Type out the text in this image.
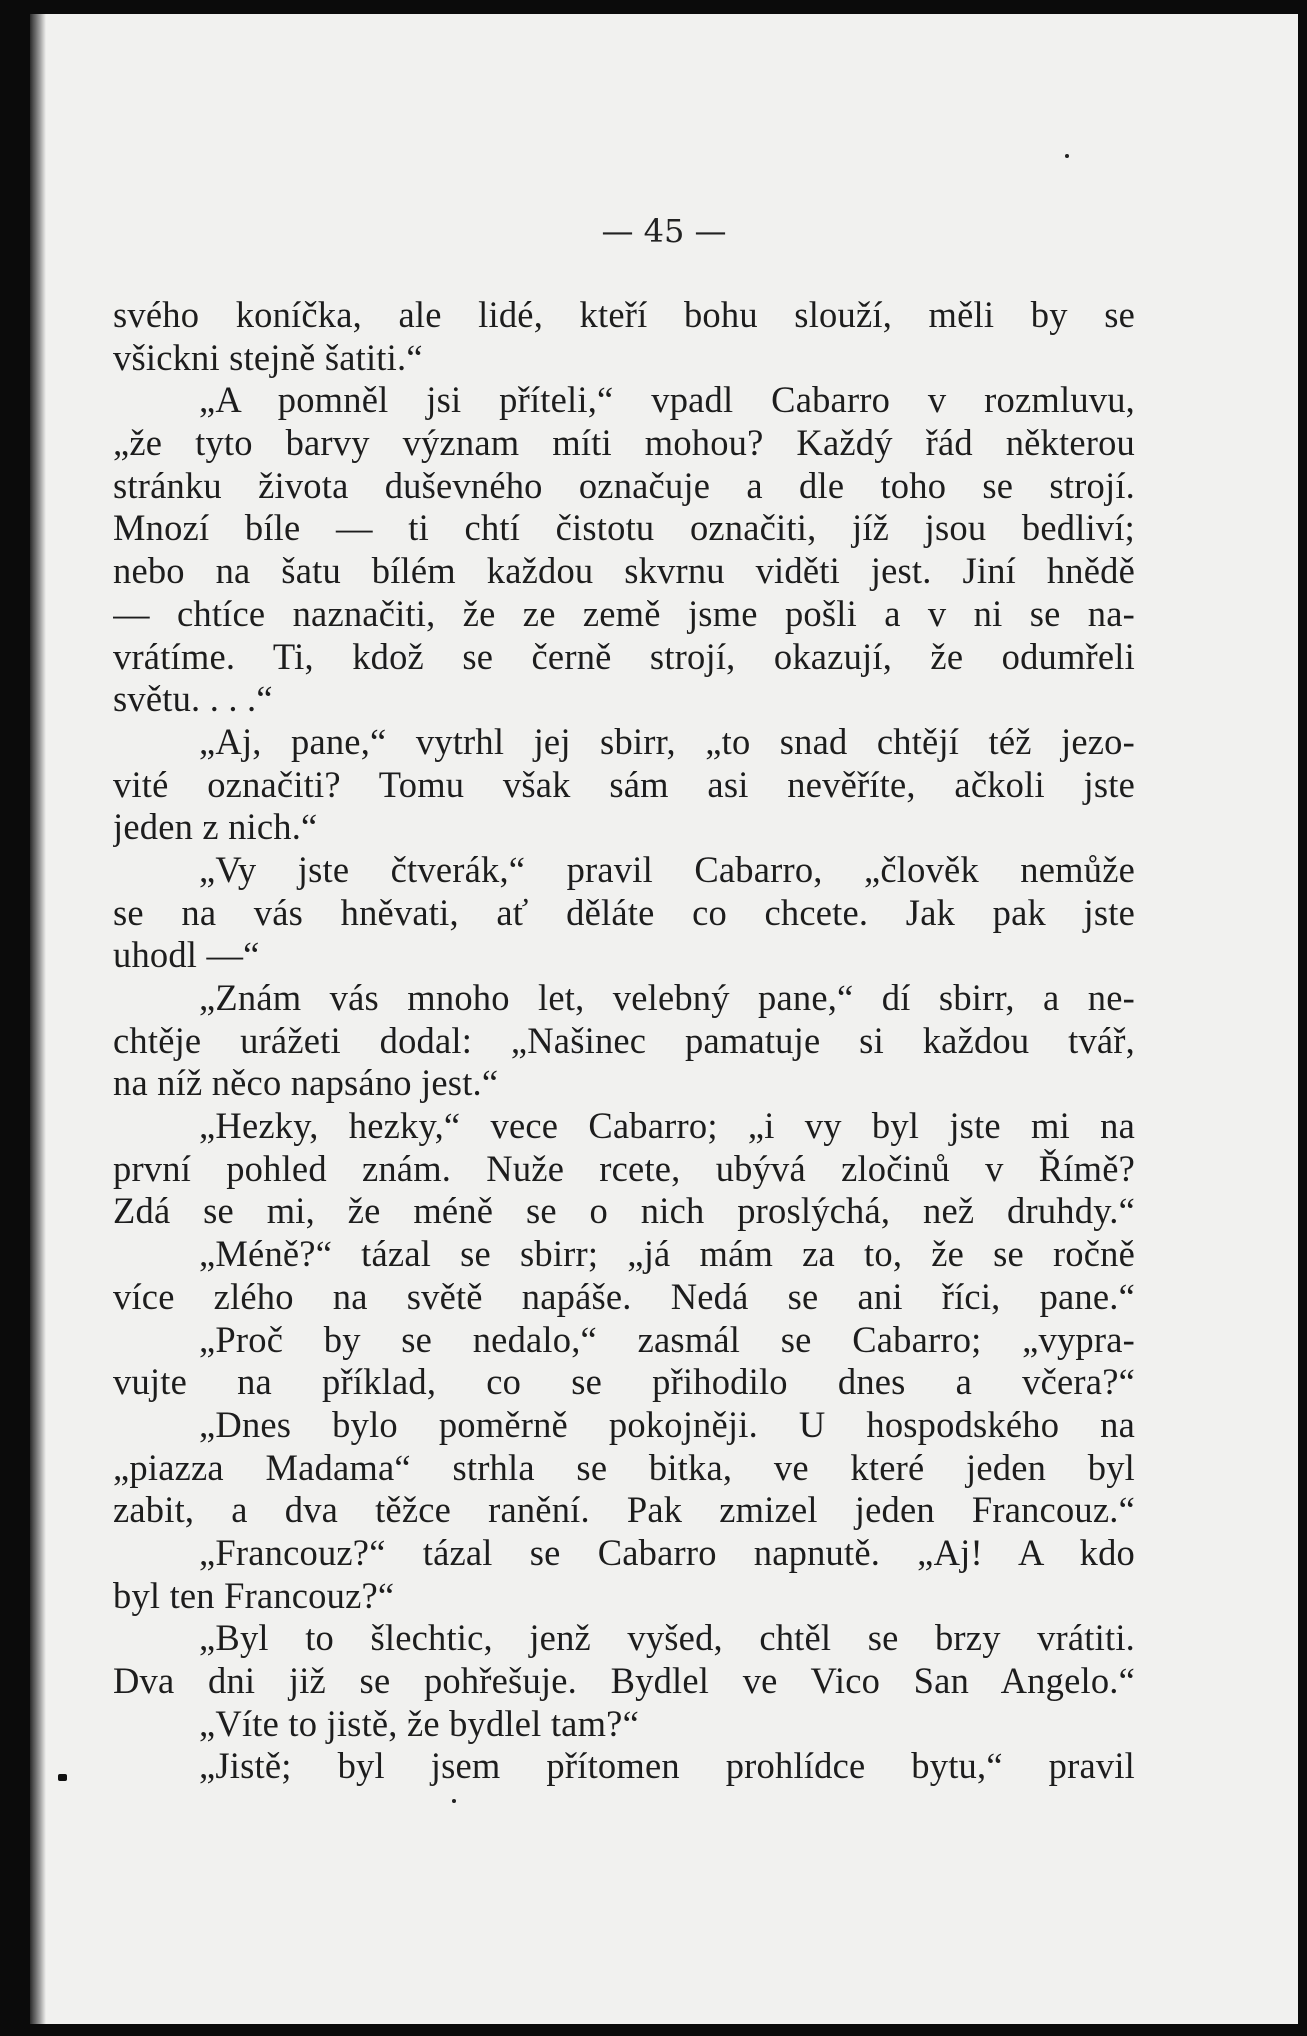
— 45 —
svého koníčka, ale lidé, kteří bohu slouží, měli by se
všickni stejně šatiti.“
„A pomněl jsi příteli,“ vpadl Cabarro v rozmluvu,
„že tyto barvy význam míti mohou? Každý řád některou
stránku života duševného označuje a dle toho se strojí.
Mnozí bíle — ti chtí čistotu označiti, jíž jsou bedliví;
nebo na šatu bílém každou skvrnu viděti jest. Jiní hnědě
— chtíce naznačiti, že ze země jsme pošli a v ni se na-
vrátíme. Ti, kdož se černě strojí, okazují, že odumřeli
světu. . . .“
„Aj, pane,“ vytrhl jej sbirr, „to snad chtějí též jezo-
vité označiti? Tomu však sám asi nevěříte, ačkoli jste
jeden z nich.“
„Vy jste čtverák,“ pravil Cabarro, „člověk nemůže
se na vás hněvati, ať děláte co chcete. Jak pak jste
uhodl —“
„Znám vás mnoho let, velebný pane,“ dí sbirr, a ne-
chtěje urážeti dodal: „Našinec pamatuje si každou tvář,
na níž něco napsáno jest.“
„Hezky, hezky,“ vece Cabarro; „i vy byl jste mi na
první pohled znám. Nuže rcete, ubývá zločinů v Římě?
Zdá se mi, že méně se o nich proslýchá, než druhdy.“
„Méně?“ tázal se sbirr; „já mám za to, že se ročně
více zlého na světě napáše. Nedá se ani říci, pane.“
„Proč by se nedalo,“ zasmál se Cabarro; „vypra-
vujte na příklad, co se přihodilo dnes a včera?“
„Dnes bylo poměrně pokojněji. U hospodského na
„piazza Madama“ strhla se bitka, ve které jeden byl
zabit, a dva těžce ranění. Pak zmizel jeden Francouz.“
„Francouz?“ tázal se Cabarro napnutě. „Aj! A kdo
byl ten Francouz?“
„Byl to šlechtic, jenž vyšed, chtěl se brzy vrátiti.
Dva dni již se pohřešuje. Bydlel ve Vico San Angelo.“
„Víte to jistě, že bydlel tam?“
„Jistě; byl jsem přítomen prohlídce bytu,“ pravil
